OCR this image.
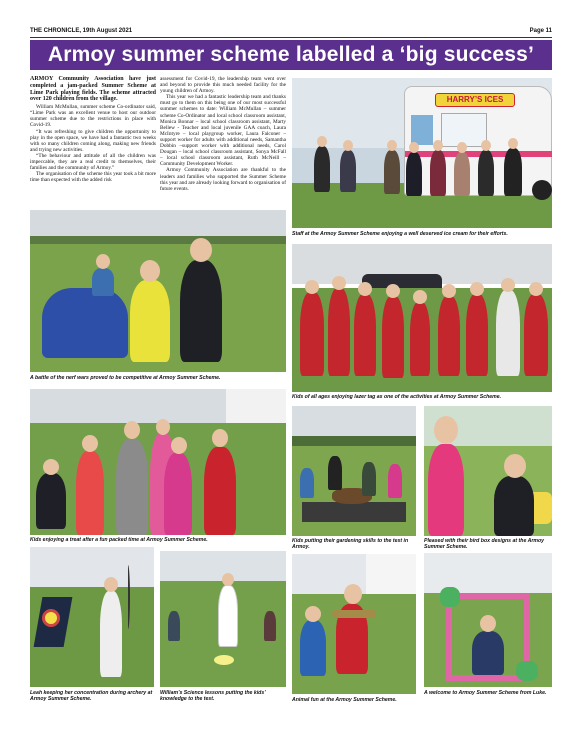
THE CHRONICLE, 19th August 2021	Page 11
Armoy summer scheme labelled a ‘big success’

ARMOY Community Association have just completed a jam-packed Summer Scheme at Lime Park playing fields. The scheme attracted over 120 children from the village.

William McMullan, summer scheme Co-ordinator said, “Lime Park was an excellent venue to host our outdoor summer scheme due to the restrictions in place with Covid-19.

“It was refreshing to give children the opportunity to play in the open space, we have had a fantastic two weeks with so many children coming along, making new friends and trying new activities.

“The behaviour and attitude of all the children was impeccable, they are a real credit to themselves, their families and the community of Armoy.”

The organisation of the scheme this year took a bit more time than expected with the added risk

assessment for Covid-19, the leadership team went over and beyond to provide this much needed facility for the young children of Armoy.

This year we had a fantastic leadership team and thanks must go to them on this being one of our most successful summer schemes to date: William McMullan – summer scheme Co-Ordinator and local school classroom assistant, Monica Bonnar – local school classroom assistant, Marty Bellew - Teacher and local juvenile GAA coach, Laura McIntyre – local playgroup worker, Laura Falconer – support worker for adults with additional needs, Samantha Dobbin –support worker with additional needs, Carol Dougan – local school classroom assistant, Sonya McFall – local school classroom assistant, Ruth McNeill – Community Development Worker.

Armoy Community Association are thankful to the leaders and families who supported the Summer Scheme this year and are already looking forward to organisation of future events.

HARRY’S ICES
Staff at the Armoy Summer Scheme enjoying a well deserved ice cream for their efforts.
A battle of the nerf wars proved to be competitive at Armoy Summer Scheme.
Kids of all ages enjoying lazer tag as one of the activities at Armoy Summer Scheme.
Kids enjoying a treat after a fun packed time at Armoy Summer Scheme.	Kids putting their gardening skills to the test in Armoy.
Pleased with their bird box designs at the Armoy Summer Scheme.
Leah keeping her concentration during archery at Armoy Summer Scheme.
William’s Science lessons putting the kids’ knowledge to the test.	Animal fun at the Armoy Summer Scheme.
A welcome to Armoy Summer Scheme from Luke.
